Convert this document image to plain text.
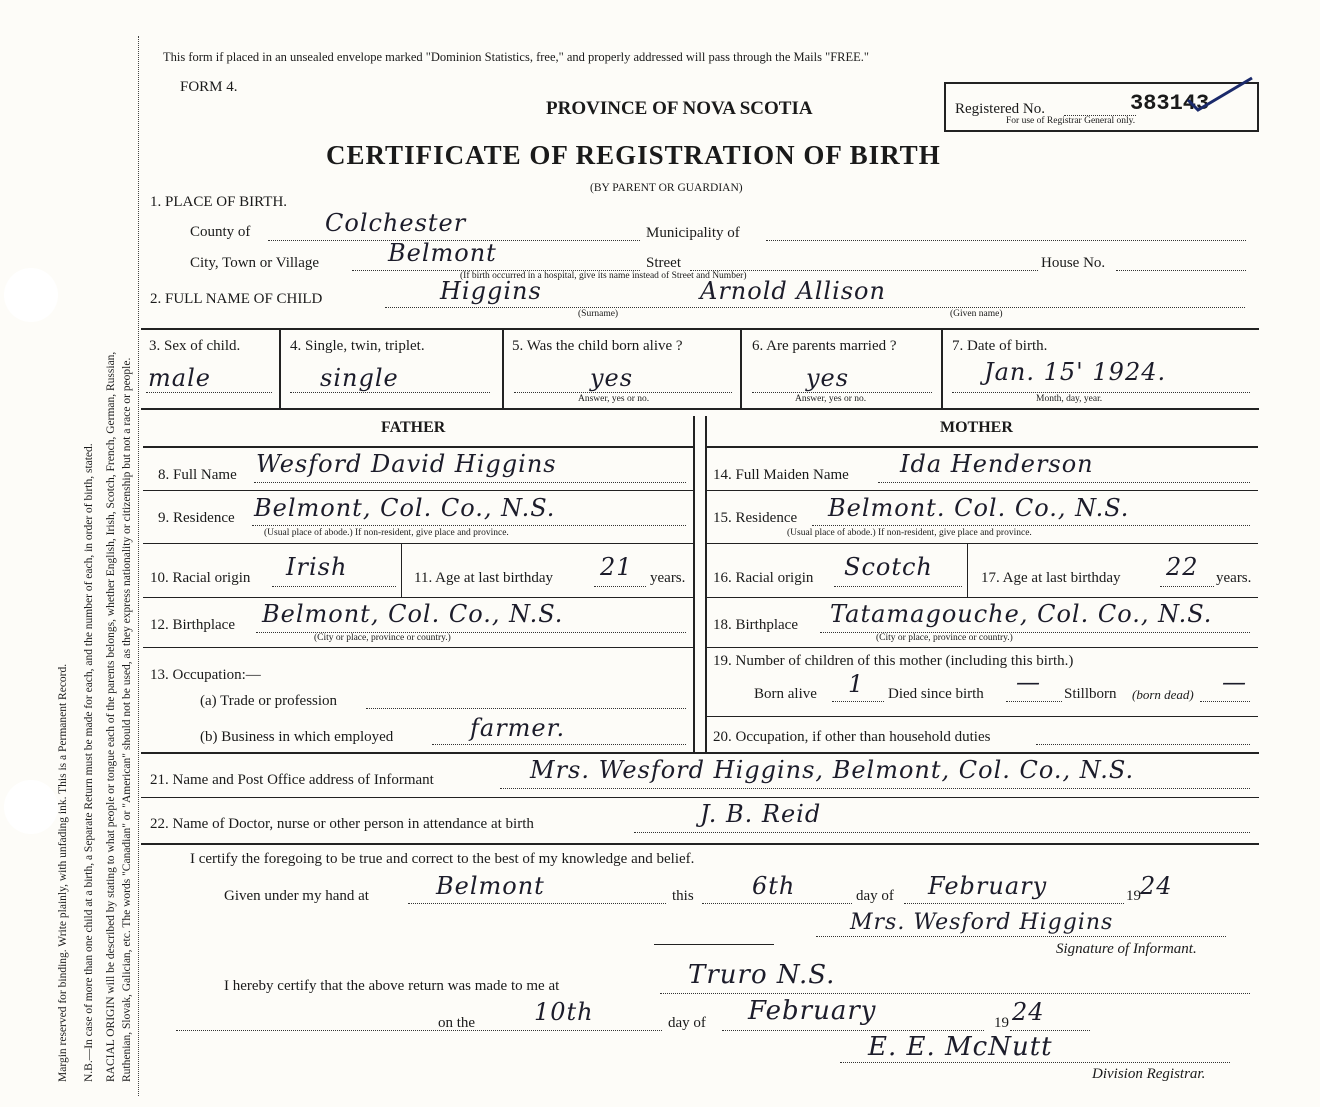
Margin reserved for binding. Write plainly, with unfading ink. This is a Permanent Record. N.B.—In case of more than one child at a birth, a Separate Return must be made for each, and the number of each, in order of birth, stated. RACIAL ORIGIN will be described by stating to what people or tongue each of the parents belongs, whether English, Irish, Scotch, French, German, Russian, Ruthenian, Slovak, Galician, etc. The words "Canadian" or "American" should not be used, as they express nationality or citizenship but not a race or people.
This form if placed in an unsealed envelope marked "Dominion Statistics, free," and properly addressed will pass through the Mails "FREE."
FORM 4.
PROVINCE OF NOVA SCOTIA
CERTIFICATE OF REGISTRATION OF BIRTH
(BY PARENT OR GUARDIAN)
Registered No.	383143
For use of Registrar General only.
1. PLACE OF BIRTH.
County of	Colchester	Municipality of
City, Town or Village	Belmont	Street	House No.
(If birth occurred in a hospital, give its name instead of Street and Number)
2. FULL NAME OF CHILD	Higgins	Arnold Allison
(Surname)	(Given name)
3. Sex of child.
male
4. Single, twin, triplet.
single
5. Was the child born alive ?
yes
Answer, yes or no.
6. Are parents married ?
yes
Answer, yes or no.
7. Date of birth.
Jan. 15' 1924.
Month, day, year.
FATHER	MOTHER
8. Full Name Wesford David Higgins
9. Residence Belmont, Col. Co., N.S.
(Usual place of abode.) If non-resident, give place and province.
10. Racial origin Irish	11. Age at last birthday 21 years.
12. Birthplace Belmont, Col. Co., N.S.
(City or place, province or country.)
13. Occupation:—
(a) Trade or profession
(b) Business in which employed	farmer.
14. Full Maiden Name Ida Henderson
15. Residence Belmont. Col. Co., N.S.
(Usual place of abode.) If non-resident, give place and province.
16. Racial origin Scotch	17. Age at last birthday 22 years.
18. Birthplace Tatamagouche, Col. Co., N.S.
(City or place, province or country.)
19. Number of children of this mother (including this birth.)
Born alive 1 Died since birth — Stillborn (born dead) —
20. Occupation, if other than household duties
21. Name and Post Office address of Informant	Mrs. Wesford Higgins, Belmont, Col. Co., N.S.
22. Name of Doctor, nurse or other person in attendance at birth	J. B. Reid
I certify the foregoing to be true and correct to the best of my knowledge and belief.
Given under my hand at	Belmont	this 6th	day of February	19 24
Mrs. Wesford Higgins
Signature of Informant.
I hereby certify that the above return was made to me at	Truro N.S.
on the 10th	day of February	19 24
E. E. McNutt
Division Registrar.
